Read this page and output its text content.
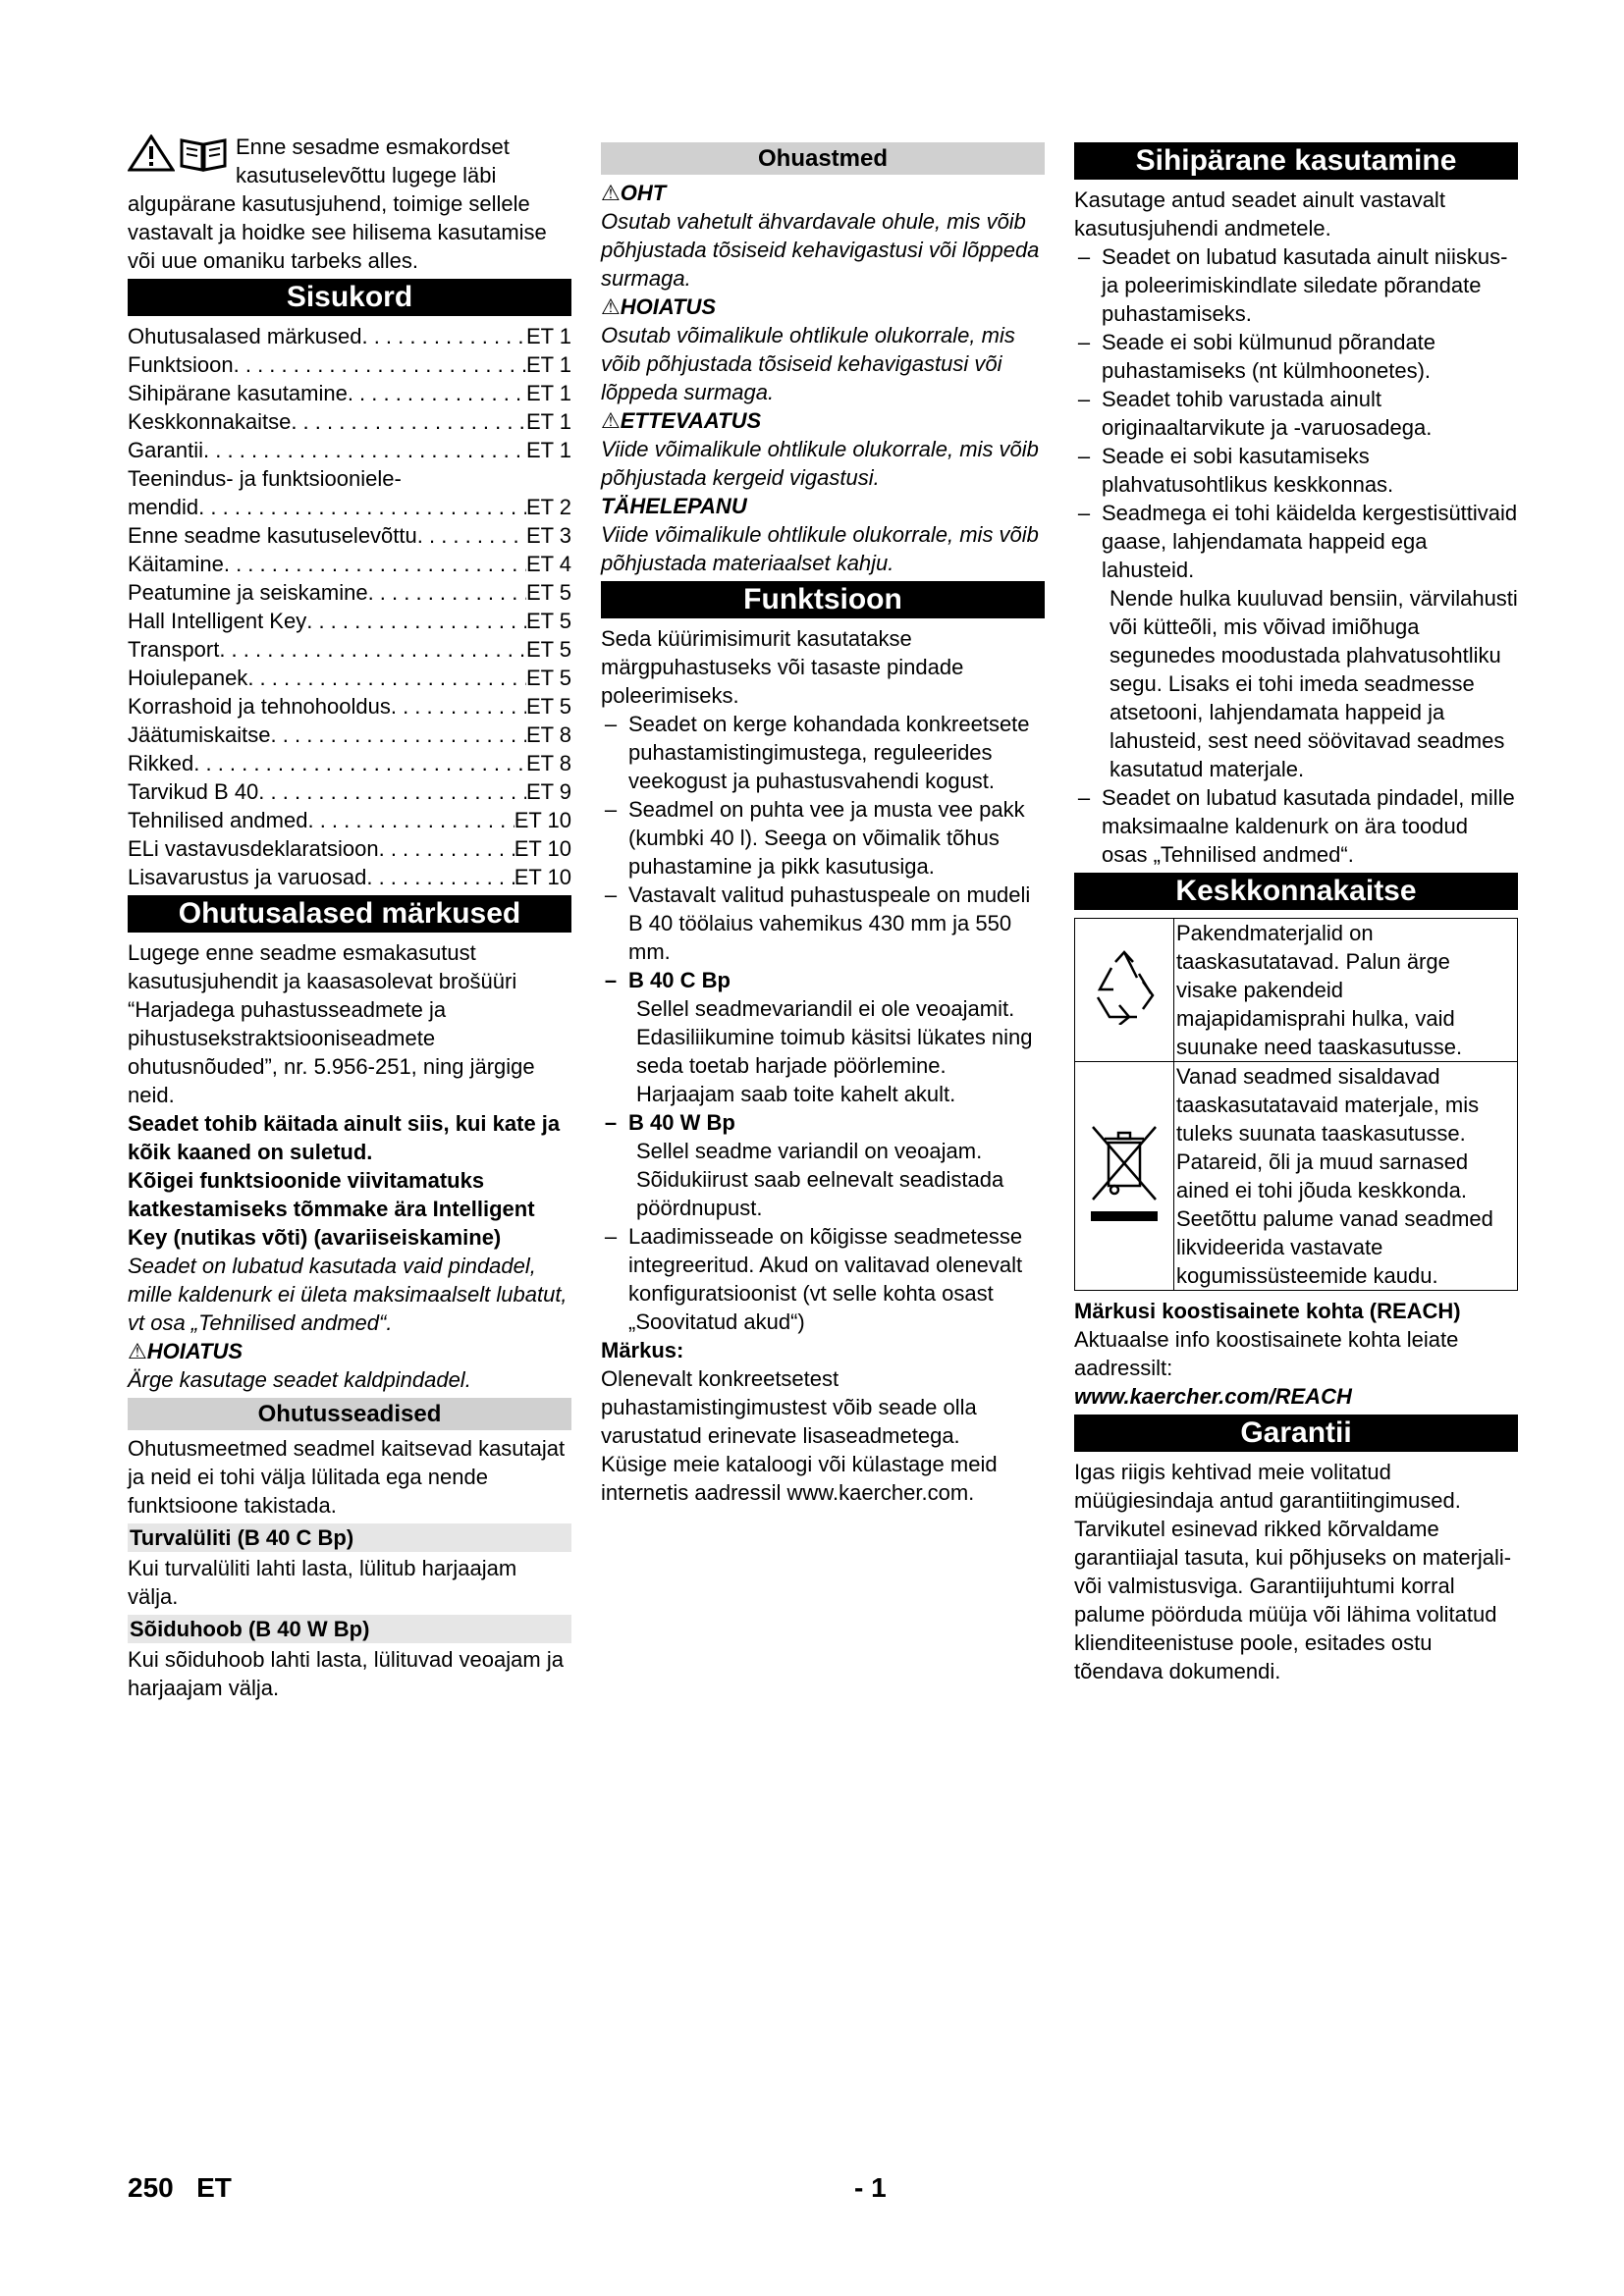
Enne sesadme esmakordset kasutuselevõttu lugege läbi algupärane kasutusjuhend, toimige sellele vastavalt ja hoidke see hilisema kasutamise või uue omaniku tarbeks alles.

Sisukord
Ohutusalased märkused . . .	ET 1
Funktsioon . . .	ET 1
Sihipärane kasutamine . . .	ET 1
Keskkonnakaitse . . .	ET 1
Garantii . . .	ET 1
Teenindus- ja funktsiooniele-
mendid . . .	ET 2
Enne seadme kasutuselevõttu . . .	ET 3
Käitamine . . .	ET 4
Peatumine ja seiskamine . . .	ET 5
Hall Intelligent Key . . .	ET 5
Transport . . .	ET 5
Hoiulepanek . . .	ET 5
Korrashoid ja tehnohooldus . . .	ET 5
Jäätumiskaitse . . .	ET 8
Rikked . . .	ET 8
Tarvikud B 40 . . .	ET 9
Tehnilised andmed . . .	ET 10
ELi vastavusdeklaratsioon . . .	ET 10
Lisavarustus ja varuosad . . .	ET 10
Ohutusalased märkused

Lugege enne seadme esmakasutust kasutusjuhendit ja kaasasolevat brošüüri “Harjadega puhastusseadmete ja pihustusekstraktsiooniseadmete ohutusnõuded”, nr. 5.956-251, ning järgige neid.

Seadet tohib käitada ainult siis, kui kate ja kõik kaaned on suletud.

Kõigei funktsioonide viivitamatuks katkestamiseks tõmmake ära Intelligent Key (nutikas võti) (avariiseiskamine)

Seadet on lubatud kasutada vaid pindadel, mille kaldenurk ei ületa maksimaalselt lubatut, vt osa „Tehnilised andmed“.

⚠HOIATUS

Ärge kasutage seadet kaldpindadel.

Ohutusseadised

Ohutusmeetmed seadmel kaitsevad kasutajat ja neid ei tohi välja lülitada ega nende funktsioone takistada.

Turvalüliti (B 40 C Bp)

Kui turvalüliti lahti lasta, lülitub harjaajam välja.

Sõiduhoob (B 40 W Bp)

Kui sõiduhoob lahti lasta, lülituvad veoajam ja harjaajam välja.

Ohuastmed

⚠OHT

Osutab vahetult ähvardavale ohule, mis võib põhjustada tõsiseid kehavigastusi või lõppeda surmaga.

⚠HOIATUS

Osutab võimalikule ohtlikule olukorrale, mis võib põhjustada tõsiseid kehavigastusi või lõppeda surmaga.

⚠ETTEVAATUS

Viide võimalikule ohtlikule olukorrale, mis võib põhjustada kergeid vigastusi.

TÄHELEPANU

Viide võimalikule ohtlikule olukorrale, mis võib põhjustada materiaalset kahju.

Funktsioon

Seda küürimisimurit kasutatakse märgpuhastuseks või tasaste pindade poleerimiseks.

– Seadet on kerge kohandada konkreetsete puhastamistingimustega, reguleerides veekogust ja puhastusvahendi kogust.
– Seadmel on puhta vee ja musta vee pakk (kumbki 40 l). Seega on võimalik tõhus puhastamine ja pikk kasutusiga.
– Vastavalt valitud puhastuspeale on mudeli B 40 töölaius vahemikus 430 mm ja 550 mm.
– B 40 C Bp

Sellel seadmevariandil ei ole veoajamit. Edasiliikumine toimub käsitsi lükates ning seda toetab harjade pöörlemine. Harjaajam saab toite kahelt akult.

– B 40 W Bp

Sellel seadme variandil on veoajam. Sõidukiirust saab eelnevalt seadistada pöördnupust.

– Laadimisseade on kõigisse seadmetesse integreeritud. Akud on valitavad olenevalt konfiguratsioonist (vt selle kohta osast „Soovitatud akud“)

Märkus:

Olenevalt konkreetsetest puhastamistingimustest võib seade olla varustatud erinevate lisaseadmetega.

Küsige meie kataloogi või külastage meid internetis aadressil www.kaercher.com.

Sihipärane kasutamine

Kasutage antud seadet ainult vastavalt kasutusjuhendi andmetele.

– Seadet on lubatud kasutada ainult niiskus- ja poleerimiskindlate siledate põrandate puhastamiseks.
– Seade ei sobi külmunud põrandate puhastamiseks (nt külmhoonetes).
– Seadet tohib varustada ainult originaaltarvikute ja -varuosadega.
– Seade ei sobi kasutamiseks plahvatusohtlikus keskkonnas.
– Seadmega ei tohi käidelda kergestisüttivaid gaase, lahjendamata happeid ega lahusteid.

Nende hulka kuuluvad bensiin, värvilahusti või kütteõli, mis võivad imiõhuga segunedes moodustada plahvatusohtliku segu. Lisaks ei tohi imeda seadmesse atsetooni, lahjendamata happeid ja lahusteid, sest need söövitavad seadmes kasutatud materjale.

– Seadet on lubatud kasutada pindadel, mille maksimaalne kaldenurk on ära toodud osas „Tehnilised andmed“.
Keskkonnakaitse
	Pakendmaterjalid on taaskasutatavad. Palun ärge visake pakendeid majapidamisprahi hulka, vaid suunake need taaskasutusse.
	Vanad seadmed sisaldavad taaskasutatavaid materjale, mis tuleks suunata taaskasutusse. Patareid, õli ja muud sarnased ained ei tohi jõuda keskkonda. Seetõttu palume vanad seadmed likvideerida vastavate kogumissüsteemide kaudu.

Märkusi koostisainete kohta (REACH)

Aktuaalse info koostisainete kohta leiate aadressilt:

www.kaercher.com/REACH

Garantii

Igas riigis kehtivad meie volitatud müügiesindaja antud garantiitingimused. Tarvikutel esinevad rikked kõrvaldame garantiiajal tasuta, kui põhjuseks on materjali- või valmistusviga. Garantiijuhtumi korral palume pöörduda müüja või lähima volitatud klienditeenistuse poole, esitades ostu tõendava dokumendi.

250 ET	- 1
